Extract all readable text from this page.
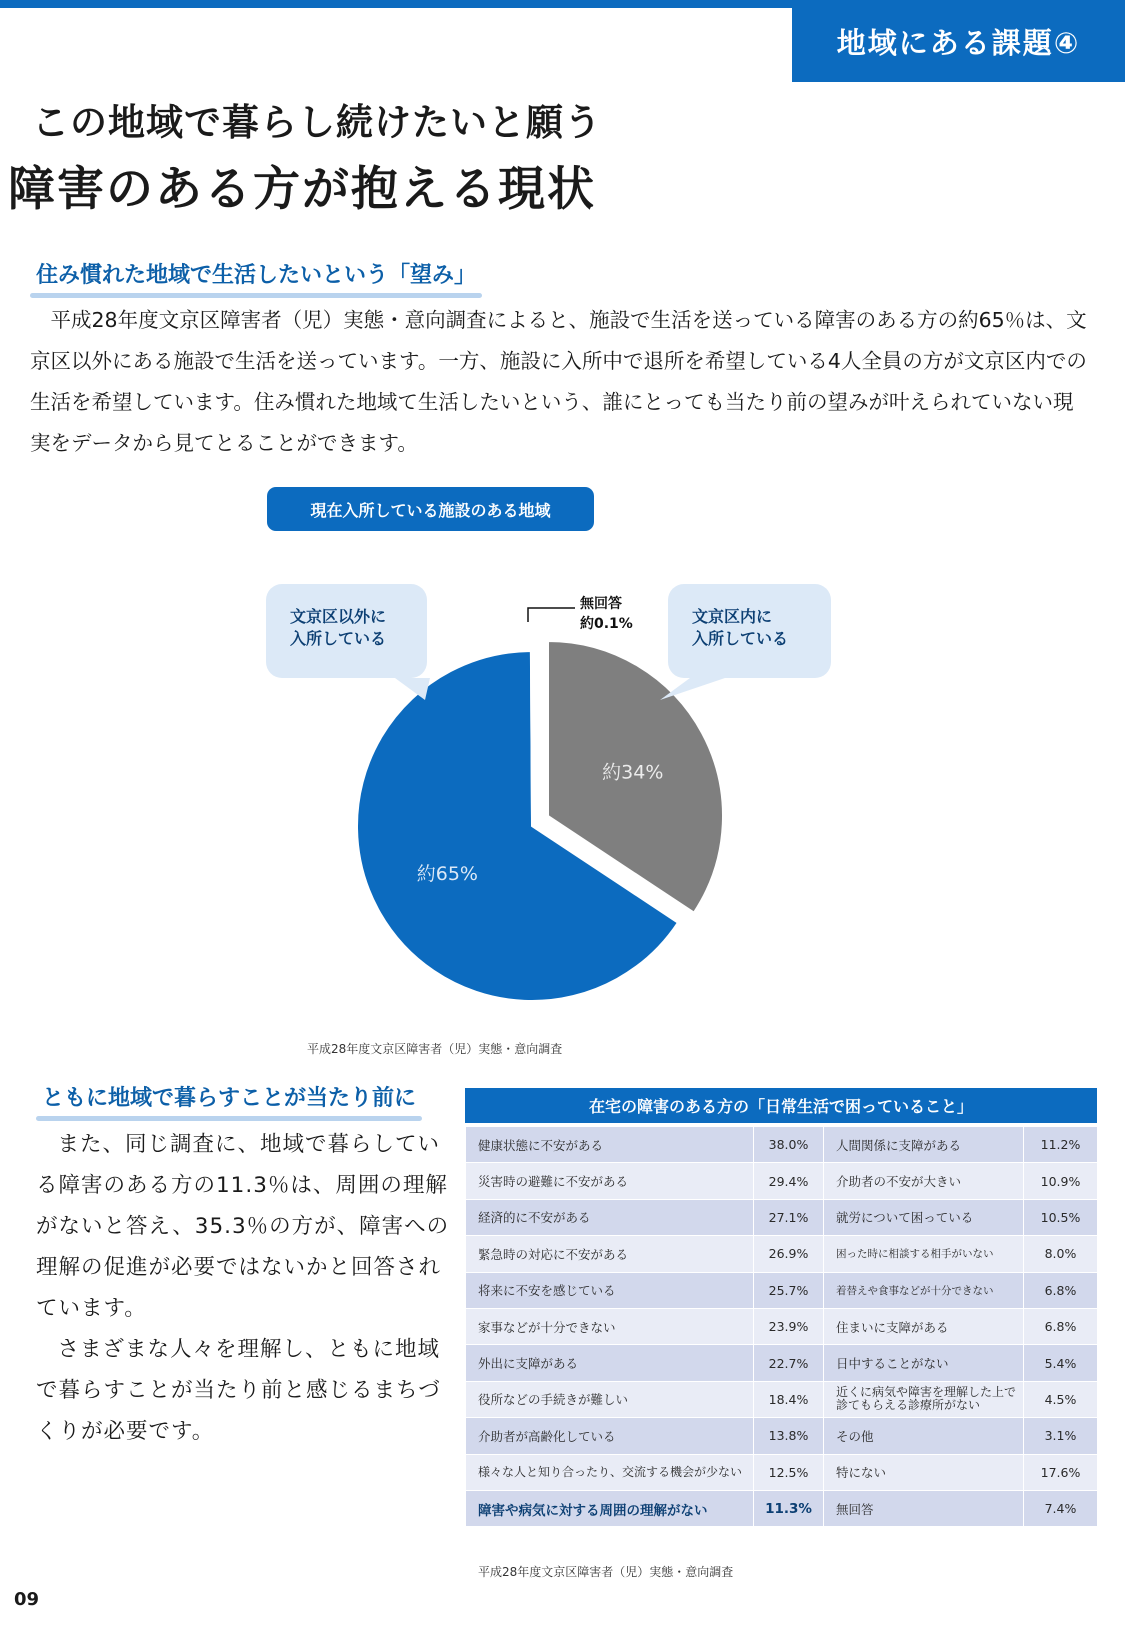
地域にある課題④
この地域で暮らし続けたいと願う
障害のある方が抱える現状
住み慣れた地域で生活したいという「望み」

平成28年度文京区障害者（児）実態・意向調査によると、施設で生活を送っている障害のある方の約65％は、文京区以外にある施設で生活を送っています。一方、施設に入所中で退所を希望している4人全員の方が文京区内での生活を希望しています。住み慣れた地域て生活したいという、誰にとっても当たり前の望みが叶えられていない現実をデータから見てとることができます。

現在入所している施設のある地域
約34%
約65%
文京区以外に
入所している
文京区内に
入所している
無回答
約0.1%
平成28年度文京区障害者（児）実態・意向調査
ともに地域で暮らすことが当たり前に

また、同じ調査に、地域で暮らしている障害のある方の11.3％は、周囲の理解がないと答え、35.3％の方が、障害への理解の促進が必要ではないかと回答されています。

さまざまな人々を理解し、ともに地域で暮らすことが当たり前と感じるまちづくりが必要です。

在宅の障害のある方の「日常生活で困っていること」
健康状態に不安がある	38.0%	人間関係に支障がある	11.2%
災害時の避難に不安がある	29.4%	介助者の不安が大きい	10.9%
経済的に不安がある	27.1%	就労について困っている	10.5%
緊急時の対応に不安がある	26.9%	困った時に相談する相手がいない	8.0%
将来に不安を感じている	25.7%	着替えや食事などが十分できない	6.8%
家事などが十分できない	23.9%	住まいに支障がある	6.8%
外出に支障がある	22.7%	日中することがない	5.4%
役所などの手続きが難しい	18.4%	近くに病気や障害を理解した上で診てもらえる診療所がない	4.5%
介助者が高齢化している	13.8%	その他	3.1%
様々な人と知り合ったり、交流する機会が少ない	12.5%	特にない	17.6%
障害や病気に対する周囲の理解がない	11.3%	無回答	7.4%
平成28年度文京区障害者（児）実態・意向調査
09
